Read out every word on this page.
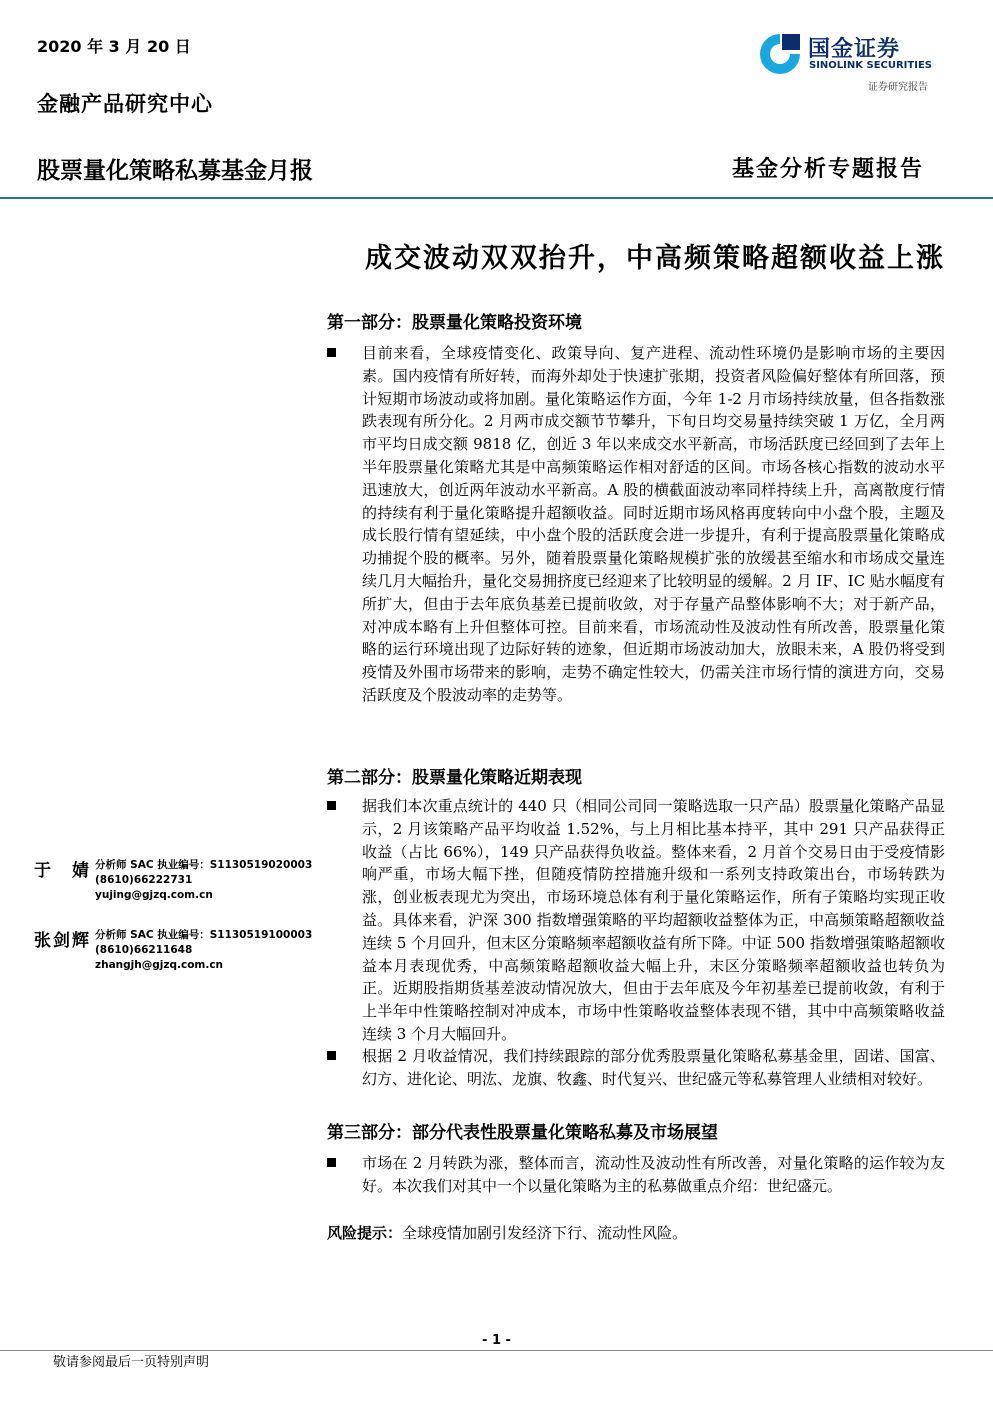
2020 年 3 月 20 日
金融产品研究中心
国金证券
SINOLINK SECURITIES
证券研究报告
股票量化策略私募基金月报	基金分析专题报告
成交波动双双抬升，中高频策略超额收益上涨
第一部分：股票量化策略投资环境
目前来看，全球疫情变化、政策导向、复产进程、流动性环境仍是影响市场的主要因素。国内疫情有所好转，而海外却处于快速扩张期，投资者风险偏好整体有所回落，预计短期市场波动或将加剧。量化策略运作方面，今年 1-2 月市场持续放量，但各指数涨跌表现有所分化。2 月两市成交额节节攀升，下旬日均交易量持续突破 1 万亿，全月两市平均日成交额 9818 亿，创近 3 年以来成交水平新高，市场活跃度已经回到了去年上半年股票量化策略尤其是中高频策略运作相对舒适的区间。市场各核心指数的波动水平迅速放大，创近两年波动水平新高。A 股的横截面波动率同样持续上升，高离散度行情的持续有利于量化策略提升超额收益。同时近期市场风格再度转向中小盘个股，主题及成长股行情有望延续，中小盘个股的活跃度会进一步提升，有利于提高股票量化策略成功捕捉个股的概率。另外，随着股票量化策略规模扩张的放缓甚至缩水和市场成交量连续几月大幅抬升，量化交易拥挤度已经迎来了比较明显的缓解。2 月 IF、IC 贴水幅度有所扩大，但由于去年底负基差已提前收敛，对于存量产品整体影响不大；对于新产品，对冲成本略有上升但整体可控。目前来看，市场流动性及波动性有所改善，股票量化策略的运行环境出现了边际好转的迹象，但近期市场波动加大，放眼未来，A 股仍将受到疫情及外围市场带来的影响，走势不确定性较大，仍需关注市场行情的演进方向，交易活跃度及个股波动率的走势等。
第二部分：股票量化策略近期表现
据我们本次重点统计的 440 只（相同公司同一策略选取一只产品）股票量化策略产品显示，2 月该策略产品平均收益 1.52%，与上月相比基本持平，其中 291 只产品获得正收益（占比 66%），149 只产品获得负收益。整体来看，2 月首个交易日由于受疫情影响严重，市场大幅下挫，但随疫情防控措施升级和一系列支持政策出台，市场转跌为涨，创业板表现尤为突出，市场环境总体有利于量化策略运作，所有子策略均实现正收益。具体来看，沪深 300 指数增强策略的平均超额收益整体为正，中高频策略超额收益连续 5 个月回升，但末区分策略频率超额收益有所下降。中证 500 指数增强策略超额收益本月表现优秀，中高频策略超额收益大幅上升，末区分策略频率超额收益也转负为正。近期股指期货基差波动情况放大，但由于去年底及今年初基差已提前收敛，有利于上半年中性策略控制对冲成本，市场中性策略收益整体表现不错，其中中高频策略收益连续 3 个月大幅回升。
根据 2 月收益情况，我们持续跟踪的部分优秀股票量化策略私募基金里，固诺、国富、幻方、进化论、明汯、龙旗、牧鑫、时代复兴、世纪盛元等私募管理人业绩相对较好。
第三部分：部分代表性股票量化策略私募及市场展望
市场在 2 月转跌为涨，整体而言，流动性及波动性有所改善，对量化策略的运作较为友好。本次我们对其中一个以量化策略为主的私募做重点介绍：世纪盛元。
风险提示：全球疫情加剧引发经济下行、流动性风险。
于　婧 分析师 SAC 执业编号：S1130519020003
(8610)66222731
yujing@gjzq.com.cn
张剑辉 分析师 SAC 执业编号：S1130519100003
(8610)66211648
zhangjh@gjzq.com.cn
- 1 -
敬请参阅最后一页特别声明
